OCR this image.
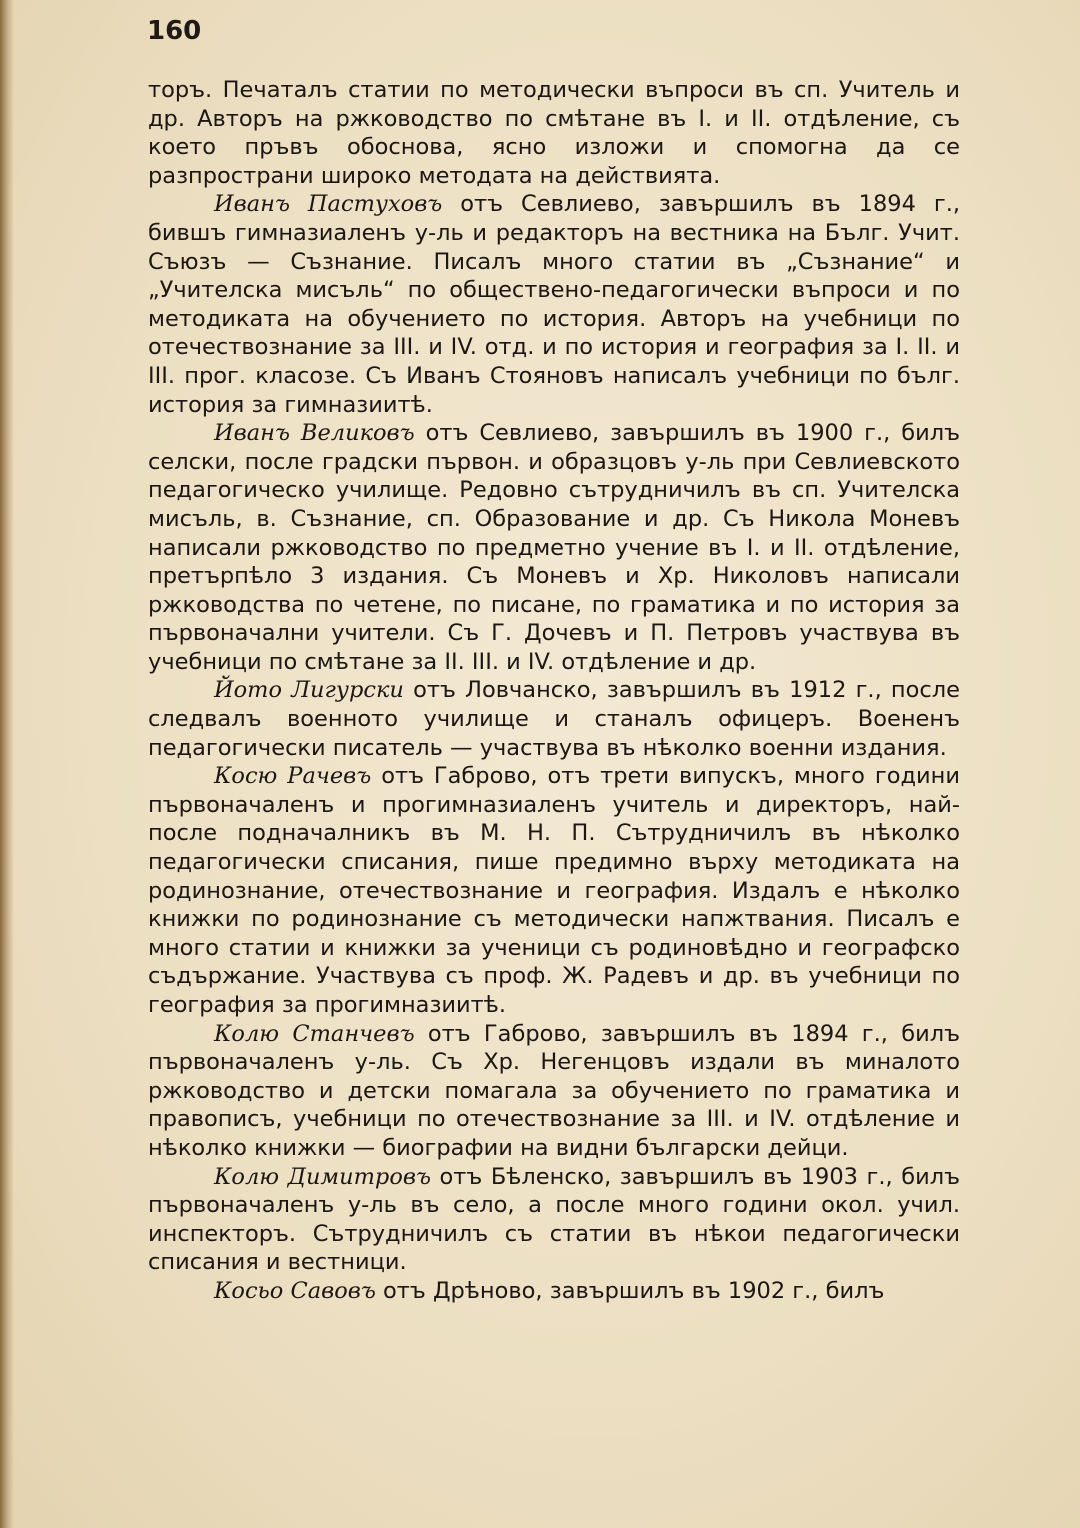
160

торъ. Печаталъ статии по методически въпроси въ сп. Учитель и др. Авторъ на ржководство по смѣтане въ I. и II. отдѣление, съ което пръвъ обоснова, ясно изложи и спомогна да се разпространи широко методата на действията.

Иванъ Пастуховъ отъ Севлиево, завършилъ въ 1894 г., бившъ гимназиаленъ у-ль и редакторъ на вестника на Бълг. Учит. Съюзъ — Съзнание. Писалъ много статии въ „Съзнание“ и „Учителска мисъль“ по обществено-педагогически въпроси и по методиката на обучението по история. Авторъ на учебници по отечествознание за III. и IV. отд. и по история и география за I. II. и III. прог. класозе. Съ Иванъ Стояновъ написалъ учебници по бълг. история за гимназиитѣ.

Иванъ Великовъ отъ Севлиево, завършилъ въ 1900 г., билъ селски, после градски първон. и образцовъ у-ль при Севлиевското педагогическо училище. Редовно сътрудничилъ въ сп. Учителска мисъль, в. Съзнание, сп. Образование и др. Съ Никола Моневъ написали ржководство по предметно учение въ I. и II. отдѣление, претърпѣло 3 издания. Съ Моневъ и Хр. Николовъ написали ржководства по четене, по писане, по граматика и по история за първоначални учители. Съ Г. Дочевъ и П. Петровъ участвува въ учебници по смѣтане за II. III. и IV. отдѣление и др.

Йото Лигурски отъ Ловчанско, завършилъ въ 1912 г., после следвалъ военното училище и станалъ офицеръ. Воененъ педагогически писатель — участвува въ нѣколко военни издания.

Косю Рачевъ отъ Габрово, отъ трети випускъ, много години първоначаленъ и прогимназиаленъ учитель и директоръ, най-после подначалникъ въ М. Н. П. Сътрудничилъ въ нѣколко педагогически списания, пише предимно върху методиката на родинознание, отечествознание и география. Издалъ е нѣколко книжки по родинознание съ методически напжтвания. Писалъ е много статии и книжки за ученици съ родиновѣдно и географско съдържание. Участвува съ проф. Ж. Радевъ и др. въ учебници по география за прогимназиитѣ.

Колю Станчевъ отъ Габрово, завършилъ въ 1894 г., билъ първоначаленъ у-ль. Съ Хр. Негенцовъ издали въ миналото ржководство и детски помагала за обучението по граматика и правописъ, учебници по отечествознание за III. и IV. отдѣление и нѣколко книжки — биографии на видни български дейци.

Колю Димитровъ отъ Бѣленско, завършилъ въ 1903 г., билъ първоначаленъ у-ль въ село, а после много години окол. учил. инспекторъ. Сътрудничилъ съ статии въ нѣкои педагогически списания и вестници.

Косьо Савовъ отъ Дрѣново, завършилъ въ 1902 г., билъ
